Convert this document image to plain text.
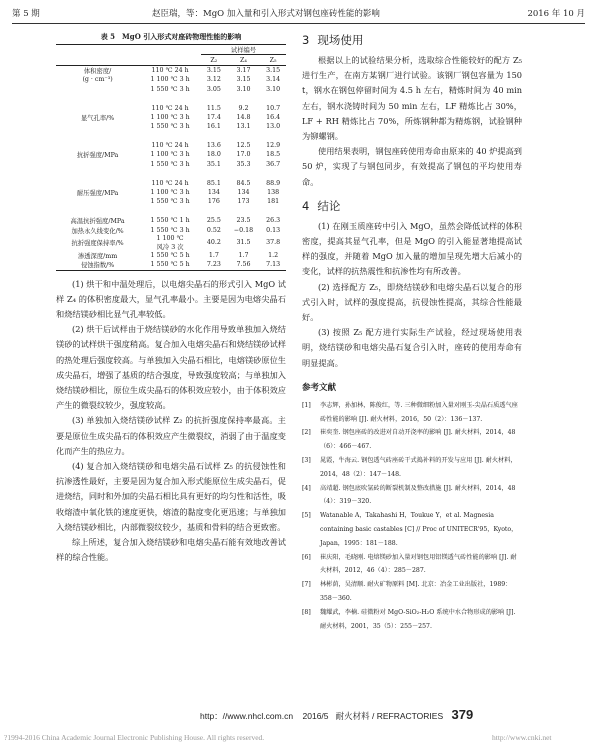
第 5 期	赵臣瑞，等：MgO 加入量和引入形式对钢包座砖性能的影响	2016 年 10 月
表 5　MgO 引入形式对座砖物理性能的影响
		试样编号		
		Z₂	Z₄	Z₅
体积密度/	110 ℃ 24 h	3.15	3.17	3.15
(g · cm⁻³)	1 100 ℃ 3 h	3.12	3.15	3.14
	1 550 ℃ 3 h	3.05	3.10	3.10

	110 ℃ 24 h	11.5	9.2	10.7
显气孔率/%	1 100 ℃ 3 h	17.4	14.8	16.4
	1 550 ℃ 3 h	16.1	13.1	13.0

	110 ℃ 24 h	13.6	12.5	12.9
抗折强度/MPa	1 100 ℃ 3 h	18.0	17.0	18.5
	1 550 ℃ 3 h	35.1	35.3	36.7

	110 ℃ 24 h	85.1	84.5	88.9
耐压强度/MPa	1 100 ℃ 3 h	134	134	138
	1 550 ℃ 3 h	176	173	181

高温抗折强度/MPa	1 550 ℃ 1 h	25.5	23.5	26.3
加热永久线变化/%	1 550 ℃ 3 h	0.52	−0.18	0.13
抗折强度保持率/%	1 100 ℃
风冷 3 次	40.2	31.5	37.8
渗透深度/mm	1 550 ℃ 5 h	1.7	1.7	1.2
侵蚀指数/%	1 550 ℃ 5 h	7.23	7.56	7.13

(1) 烘干和中温处理后，以电熔尖晶石的形式引入 MgO 试样 Z₄ 的体积密度最大，显气孔率最小。主要是因为电熔尖晶石和烧结镁砂相比显气孔率较低。

(2) 烘干后试样由于烧结镁砂的水化作用导致单独加入烧结镁砂的试样烘干强度稍高。复合加入电熔尖晶石和烧结镁砂试样的热处理后强度较高。与单独加入尖晶石相比，电熔镁砂原位生成尖晶石，增强了基质的结合强度，导致强度较高；与单独加入烧结镁砂相比，原位生成尖晶石的体积效应较小，由于体积效应产生的微裂纹较少，强度较高。

(3) 单独加入烧结镁砂试样 Z₂ 的抗折强度保持率最高。主要是原位生成尖晶石的体积效应产生微裂纹，消弱了由于温度变化而产生的热应力。

(4) 复合加入烧结镁砂和电熔尖晶石试样 Z₅ 的抗侵蚀性和抗渗透性最好，主要是因为复合加入形式能原位生成尖晶石，促进烧结，同时和外加的尖晶石相比具有更好的均匀性和活性，吸收熔渣中氧化铁的速度更快，熔渣的黏度变化更迅速；与单独加入烧结镁砂相比，内部微裂纹较少，基质和骨料的结合更致密。

综上所述，复合加入烧结镁砂和电熔尖晶石能有效地改善试样的综合性能。

3 现场使用

根据以上的试验结果分析，选取综合性能较好的配方 Z₅ 进行生产，在南方某钢厂进行试验。该钢厂钢包容量为 150 t，钢水在钢包停留时间为 4.5 h 左右，精炼时间为 40 min 左右，钢水浇铸时间为 50 min 左右，LF 精炼比占 30%，LF + RH 精炼比占 70%，所炼钢种都为精炼钢，试验钢种为铆螺钢。

使用结果表明，钢包座砖使用寿命由原来的 40 炉提高到 50 炉，实现了与钢包同步，有效提高了钢包的平均使用寿命。

4 结论

(1) 在刚玉质座砖中引入 MgO，虽然会降低试样的体积密度，提高其显气孔率，但是 MgO 的引入能显著地提高试样的强度，并随着 MgO 加入量的增加呈现先增大后减小的变化，试样的抗热震性和抗渗性均有所改善。

(2) 选择配方 Z₅，即烧结镁砂和电熔尖晶石以复合的形式引入时，试样的强度提高，抗侵蚀性提高，其综合性能最好。

(3) 按照 Z₅ 配方进行实际生产试验，经过现场使用表明，烧结镁砂和电熔尖晶石复合引入时，座砖的使用寿命有明显提高。

参考文献
[1]	李志辉，孙加林，陈俊红，等. 三种微细粉加入量对刚玉-尖晶石质透气座砖性能的影响 [J]. 耐火材料，2016，50（2）：136－137.
[2]	崔奕奎. 钢包座砖的改进对自动开浇率的影响 [J]. 耐火材料，2014，48（6）：466－467.
[3]	晁霞，牛海云. 钢包透气砖座砖干式捣补料的开发与应用 [J]. 耐火材料，2014，48（2）：147－148.
[4]	高靖超. 钢包底吹氩砖的断裂机制及整改措施 [J]. 耐火材料，2014，48（4）：319－320.
[5]	Watanable A，Takahashi H，Toukue Y，et al. Magnesia containing basic castables [C] // Proc of UNITECR'95，Kyoto，Japan，1995：181－188.
[6]	崔庆阳，毛晓刚. 电熔镁砂加入量对钢包用铝镁透气砖性能的影响 [J]. 耐火材料，2012，46（4）：285－287.
[7]	林彬荫，吴清顺. 耐火矿物原料 [M]. 北京：冶金工业出版社，1989：358－360.
[8]	魏耀武，李楠. 硅微粉对 MgO-SiO₂-H₂O 系统中水合物形成的影响 [J]. 耐火材料，2001，35（5）：255－257.
http：//www.nhcl.com.cn 2016/5 耐火材料 / REFRACTORIES 379
?1994-2016 China Academic Journal Electronic Publishing House. All rights reserved.	http://www.cnki.net
